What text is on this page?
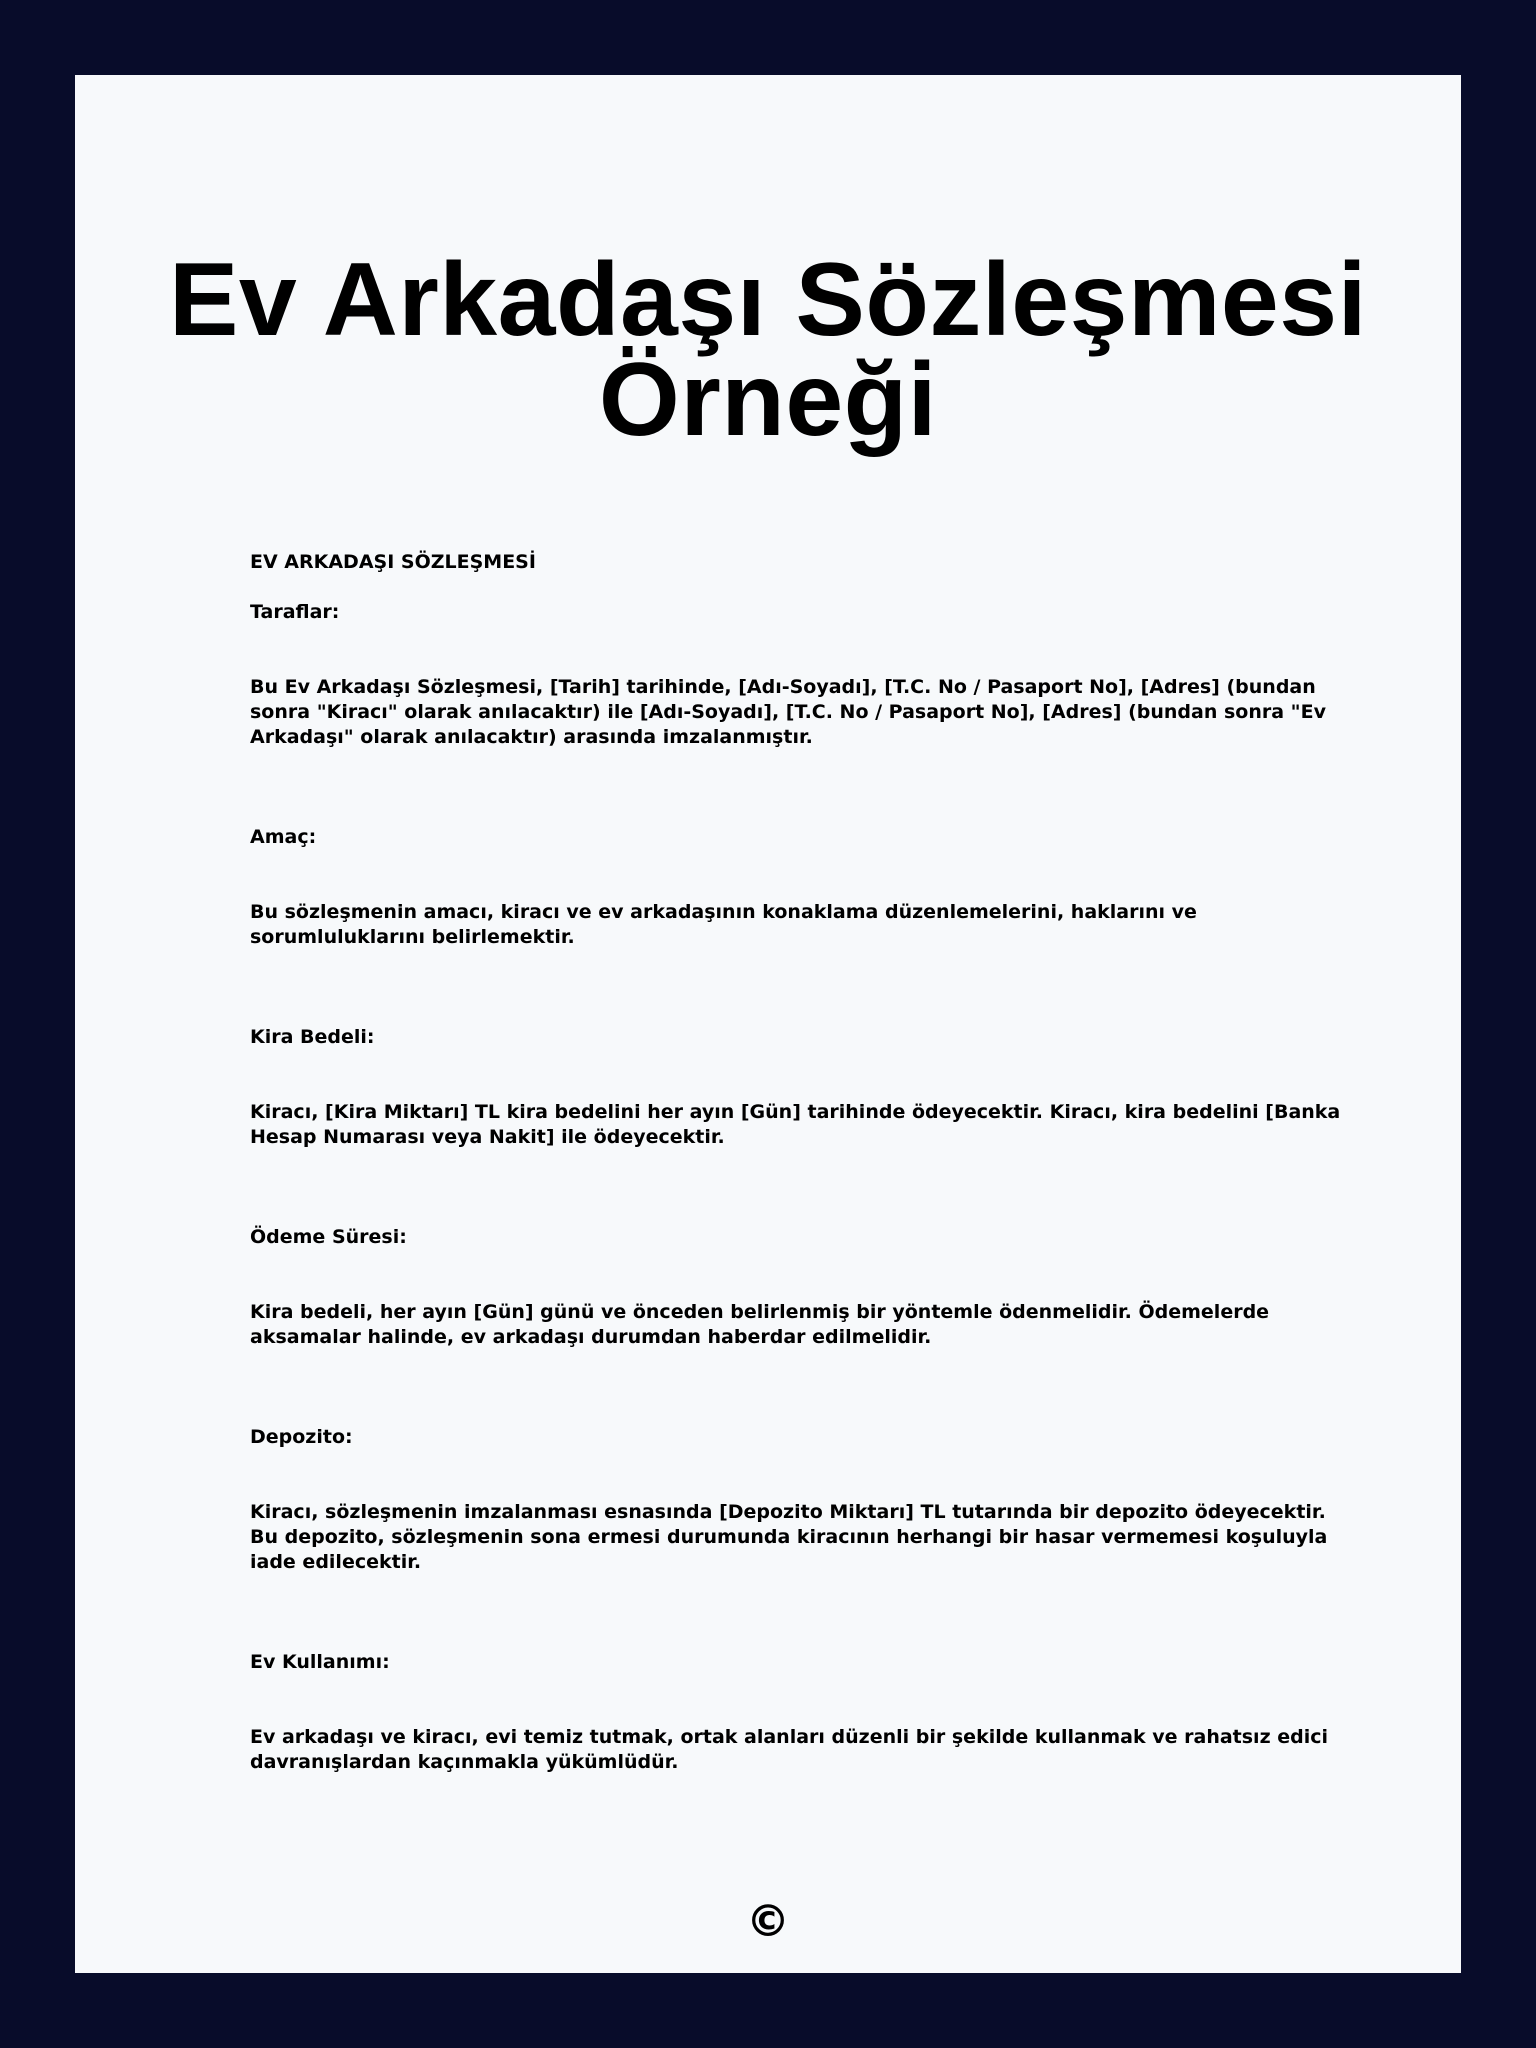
Ev Arkadaşı Sözleşmesi Örneği

EV ARKADAŞI SÖZLEŞMESİ

Taraflar:

Bu Ev Arkadaşı Sözleşmesi, [Tarih] tarihinde, [Adı-Soyadı], [T.C. No / Pasaport No], [Adres] (bundan sonra "Kiracı" olarak anılacaktır) ile [Adı-Soyadı], [T.C. No / Pasaport No], [Adres] (bundan sonra "Ev Arkadaşı" olarak anılacaktır) arasında imzalanmıştır.

Amaç:

Bu sözleşmenin amacı, kiracı ve ev arkadaşının konaklama düzenlemelerini, haklarını ve sorumluluklarını belirlemektir.

Kira Bedeli:

Kiracı, [Kira Miktarı] TL kira bedelini her ayın [Gün] tarihinde ödeyecektir. Kiracı, kira bedelini [Banka Hesap Numarası veya Nakit] ile ödeyecektir.

Ödeme Süresi:

Kira bedeli, her ayın [Gün] günü ve önceden belirlenmiş bir yöntemle ödenmelidir. Ödemelerde aksamalar halinde, ev arkadaşı durumdan haberdar edilmelidir.

Depozito:

Kiracı, sözleşmenin imzalanması esnasında [Depozito Miktarı] TL tutarında bir depozito ödeyecektir. Bu depozito, sözleşmenin sona ermesi durumunda kiracının herhangi bir hasar vermemesi koşuluyla iade edilecektir.

Ev Kullanımı:

Ev arkadaşı ve kiracı, evi temiz tutmak, ortak alanları düzenli bir şekilde kullanmak ve rahatsız edici davranışlardan kaçınmakla yükümlüdür.

©
